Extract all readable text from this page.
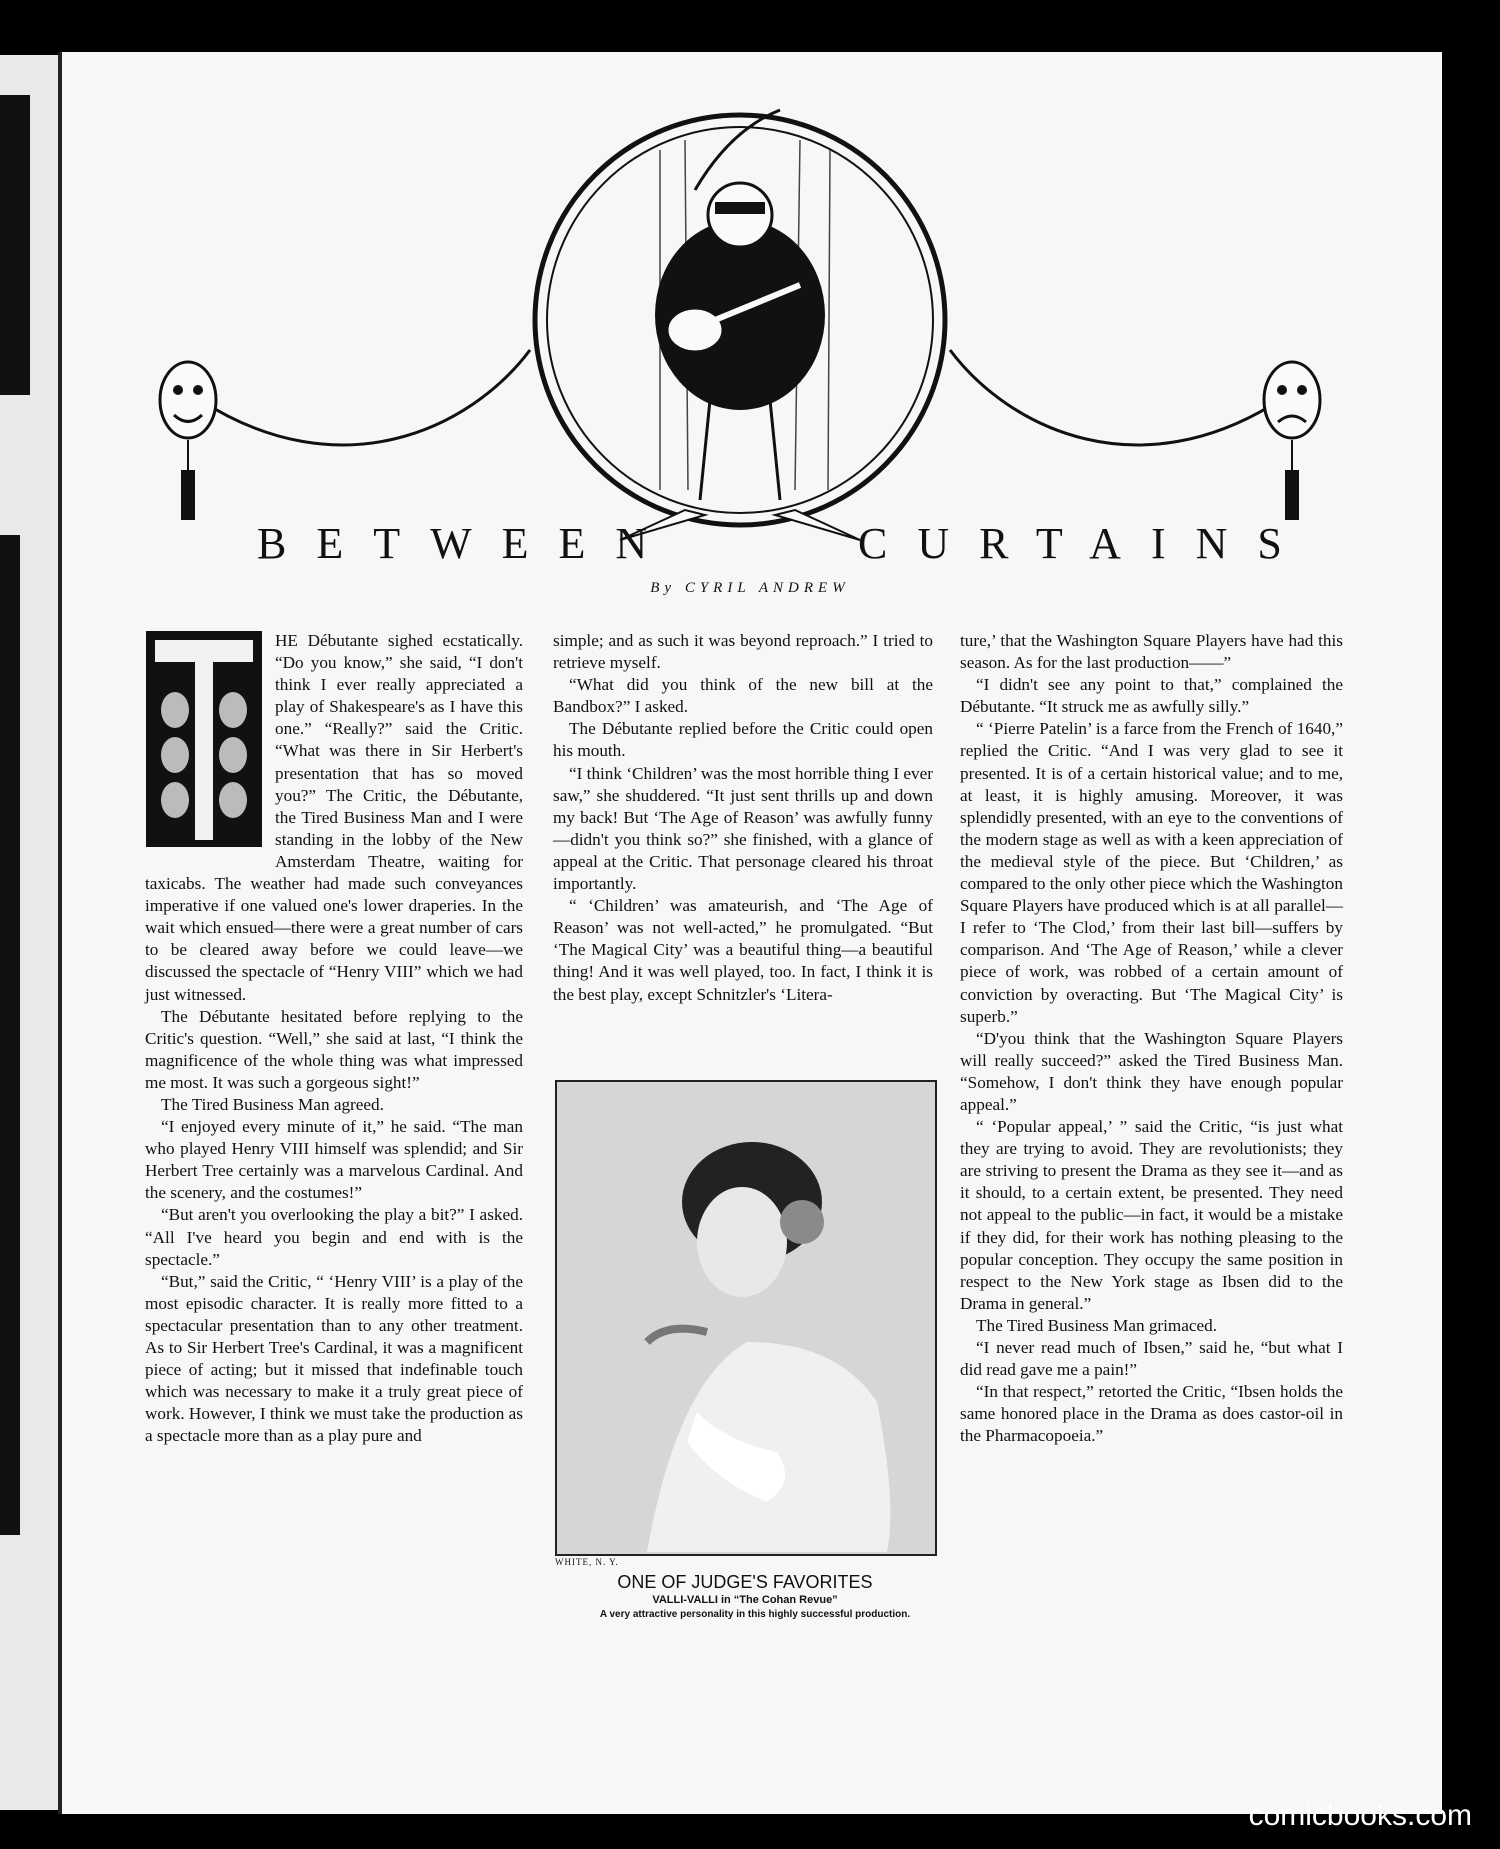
BETWEEN	CURTAINS
By CYRIL ANDREW

HE Débutante sighed ecstatically. “Do you know,” she said, “I don't think I ever really appreciated a play of Shakespeare's as I have this one.” “Really?” said the Critic. “What was there in Sir Herbert's presentation that has so moved you?” The Critic, the Débutante, the Tired Business Man and I were standing in the lobby of the New Amsterdam Theatre, waiting for taxicabs. The weather had made such conveyances imperative if one valued one's lower draperies. In the wait which ensued—there were a great number of cars to be cleared away before we could leave—we discussed the spectacle of “Henry VIII” which we had just witnessed.

The Débutante hesitated before replying to the Critic's question. “Well,” she said at last, “I think the magnificence of the whole thing was what impressed me most. It was such a gorgeous sight!”

The Tired Business Man agreed.

“I enjoyed every minute of it,” he said. “The man who played Henry VIII himself was splendid; and Sir Herbert Tree certainly was a marvelous Cardinal. And the scenery, and the costumes!”

“But aren't you overlooking the play a bit?” I asked. “All I've heard you begin and end with is the spectacle.”

“But,” said the Critic, “ ‘Henry VIII’ is a play of the most episodic character. It is really more fitted to a spectacular presentation than to any other treatment. As to Sir Herbert Tree's Cardinal, it was a magnificent piece of acting; but it missed that indefinable touch which was necessary to make it a truly great piece of work. However, I think we must take the production as a spectacle more than as a play pure and

simple; and as such it was beyond reproach.” I tried to retrieve myself.

“What did you think of the new bill at the Bandbox?” I asked.

The Débutante replied before the Critic could open his mouth.

“I think ‘Children’ was the most horrible thing I ever saw,” she shuddered. “It just sent thrills up and down my back! But ‘The Age of Reason’ was awfully funny—didn't you think so?” she finished, with a glance of appeal at the Critic. That personage cleared his throat importantly.

“ ‘Children’ was amateurish, and ‘The Age of Reason’ was not well-acted,” he promulgated. “But ‘The Magical City’ was a beautiful thing—a beautiful thing! And it was well played, too. In fact, I think it is the best play, except Schnitzler's ‘Litera-

WHITE, N. Y.
ONE OF JUDGE'S FAVORITES
VALLI-VALLI in “The Cohan Revue”
A very attractive personality in this highly successful production.

ture,’ that the Washington Square Players have had this season. As for the last production——”

“I didn't see any point to that,” complained the Débutante. “It struck me as awfully silly.”

“ ‘Pierre Patelin’ is a farce from the French of 1640,” replied the Critic. “And I was very glad to see it presented. It is of a certain historical value; and to me, at least, it is highly amusing. Moreover, it was splendidly presented, with an eye to the conventions of the modern stage as well as with a keen appreciation of the medieval style of the piece. But ‘Children,’ as compared to the only other piece which the Washington Square Players have produced which is at all parallel—I refer to ‘The Clod,’ from their last bill—suffers by comparison. And ‘The Age of Reason,’ while a clever piece of work, was robbed of a certain amount of conviction by overacting. But ‘The Magical City’ is superb.”

“D'you think that the Washington Square Players will really succeed?” asked the Tired Business Man. “Somehow, I don't think they have enough popular appeal.”

“ ‘Popular appeal,’ ” said the Critic, “is just what they are trying to avoid. They are revolutionists; they are striving to present the Drama as they see it—and as it should, to a certain extent, be presented. They need not appeal to the public—in fact, it would be a mistake if they did, for their work has nothing pleasing to the popular conception. They occupy the same position in respect to the New York stage as Ibsen did to the Drama in general.”

The Tired Business Man grimaced.

“I never read much of Ibsen,” said he, “but what I did read gave me a pain!”

“In that respect,” retorted the Critic, “Ibsen holds the same honored place in the Drama as does castor-oil in the Pharmacopoeia.”

comicbooks.com
